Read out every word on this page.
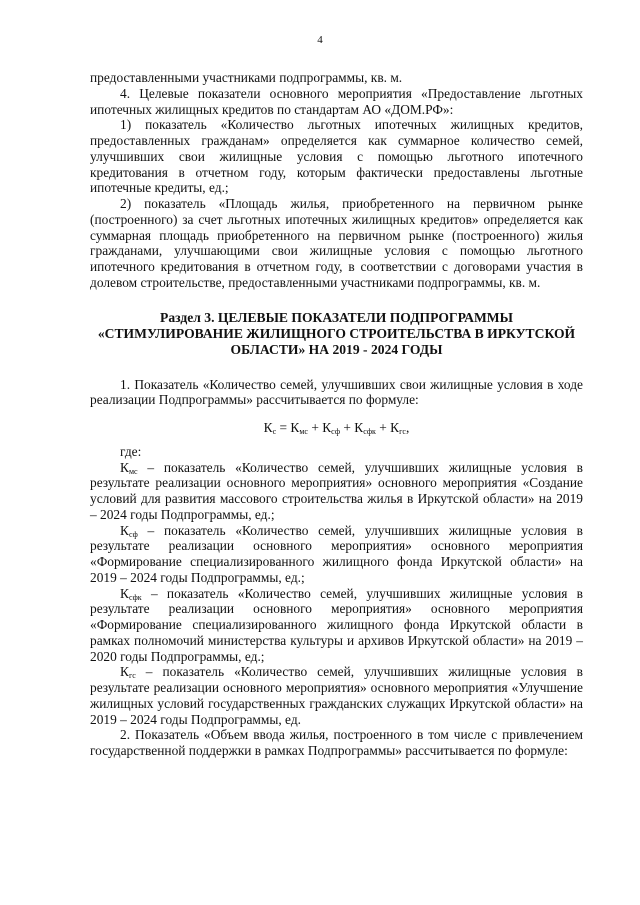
4

предоставленными участниками подпрограммы, кв. м.

4. Целевые показатели основного мероприятия «Предоставление льготных ипотечных жилищных кредитов по стандартам АО «ДОМ.РФ»:

1) показатель «Количество льготных ипотечных жилищных кредитов, предоставленных гражданам» определяется как суммарное количество семей, улучшивших свои жилищные условия с помощью льготного ипотечного кредитования в отчетном году, которым фактически предоставлены льготные ипотечные кредиты, ед.;

2) показатель «Площадь жилья, приобретенного на первичном рынке (построенного) за счет льготных ипотечных жилищных кредитов» определяется как суммарная площадь приобретенного на первичном рынке (построенного) жилья гражданами, улучшающими свои жилищные условия с помощью льготного ипотечного кредитования в отчетном году, в соответствии с договорами участия в долевом строительстве, предоставленными участниками подпрограммы, кв. м.

Раздел 3. ЦЕЛЕВЫЕ ПОКАЗАТЕЛИ ПОДПРОГРАММЫ «СТИМУЛИРОВАНИЕ ЖИЛИЩНОГО СТРОИТЕЛЬСТВА В ИРКУТСКОЙ ОБЛАСТИ» НА 2019 - 2024 ГОДЫ

1. Показатель «Количество семей, улучшивших свои жилищные условия в ходе реализации Подпрограммы» рассчитывается по формуле:

$К_с = К_{мс} + К_{сф} + К_{сфк} + К_{гс}$,

где:

$К_{мс}$ – показатель «Количество семей, улучшивших жилищные условия в результате реализации основного мероприятия» основного мероприятия «Создание условий для развития массового строительства жилья в Иркутской области» на 2019 – 2024 годы Подпрограммы, ед.;

$К_{сф}$ – показатель «Количество семей, улучшивших жилищные условия в результате реализации основного мероприятия» основного мероприятия «Формирование специализированного жилищного фонда Иркутской области» на 2019 – 2024 годы Подпрограммы, ед.;

$К_{сфк}$ – показатель «Количество семей, улучшивших жилищные условия в результате реализации основного мероприятия» основного мероприятия «Формирование специализированного жилищного фонда Иркутской области в рамках полномочий министерства культуры и архивов Иркутской области» на 2019 – 2020 годы Подпрограммы, ед.;

$К_{гс}$ – показатель «Количество семей, улучшивших жилищные условия в результате реализации основного мероприятия» основного мероприятия «Улучшение жилищных условий государственных гражданских служащих Иркутской области» на 2019 – 2024 годы Подпрограммы, ед.

2. Показатель «Объем ввода жилья, построенного в том числе с привлечением государственной поддержки в рамках Подпрограммы» рассчитывается по формуле:
